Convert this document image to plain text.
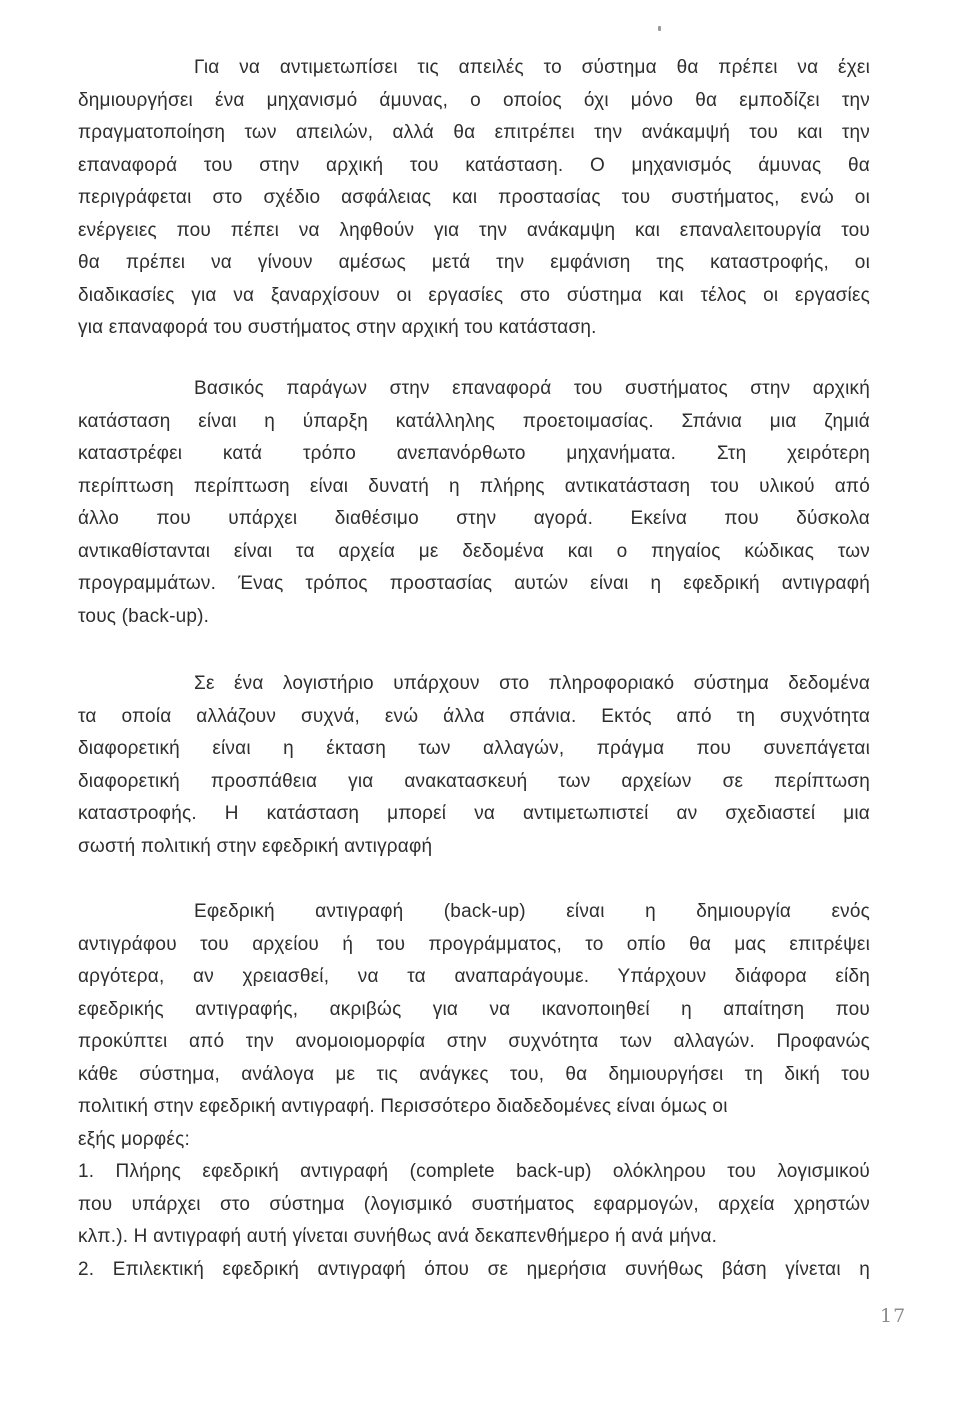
Για να αντιμετωπίσει τις απειλές το σύστημα θα πρέπει να έχει
δημιουργήσει ένα μηχανισμό άμυνας, ο οποίος όχι μόνο θα εμποδίζει την
πραγματοποίηση των απειλών, αλλά θα επιτρέπει την ανάκαμψή του και την
επαναφορά του στην αρχική του κατάσταση. Ο μηχανισμός άμυνας θα
περιγράφεται στο σχέδιο ασφάλειας και προστασίας του συστήματος, ενώ οι
ενέργειες που πέπει να ληφθούν για την ανάκαμψη και επαναλειτουργία του
θα πρέπει να γίνουν αμέσως μετά την εμφάνιση της καταστροφής, οι
διαδικασίες για να ξαναρχίσουν οι εργασίες στο σύστημα και τέλος οι εργασίες
για επαναφορά του συστήματος στην αρχική του κατάσταση.
Βασικός παράγων στην επαναφορά του συστήματος στην αρχική
κατάσταση είναι η ύπαρξη κατάλληλης προετοιμασίας. Σπάνια μια ζημιά
καταστρέφει κατά τρόπο ανεπανόρθωτο μηχανήματα. Στη χειρότερη
περίπτωση περίπτωση είναι δυνατή η πλήρης αντικατάσταση του υλικού από
άλλο που υπάρχει διαθέσιμο στην αγορά. Εκείνα που δύσκολα
αντικαθίστανται είναι τα αρχεία με δεδομένα και ο πηγαίος κώδικας των
προγραμμάτων. Ένας τρόπος προστασίας αυτών είναι η εφεδρική αντιγραφή
τους (back-up).
Σε ένα λογιστήριο υπάρχουν στο πληροφοριακό σύστημα δεδομένα
τα οποία αλλάζουν συχνά, ενώ άλλα σπάνια. Εκτός από τη συχνότητα
διαφορετική είναι η έκταση των αλλαγών, πράγμα που συνεπάγεται
διαφορετική προσπάθεια για ανακατασκευή των αρχείων σε περίπτωση
καταστροφής. Η κατάσταση μπορεί να αντιμετωπιστεί αν σχεδιαστεί μια
σωστή πολιτική στην εφεδρική αντιγραφή
Εφεδρική αντιγραφή (back-up) είναι η δημιουργία ενός
αντιγράφου του αρχείου ή του προγράμματος, το οπίο θα μας επιτρέψει
αργότερα, αν χρειασθεί, να τα αναπαράγουμε. Υπάρχουν διάφορα είδη
εφεδρικής αντιγραφής, ακριβώς για να ικανοποιηθεί η απαίτηση που
προκύπτει από την ανομοιομορφία στην συχνότητα των αλλαγών. Προφανώς
κάθε σύστημα, ανάλογα με τις ανάγκες του, θα δημιουργήσει τη δική του
πολιτική στην εφεδρική αντιγραφή. Περισσότερο διαδεδομένες είναι όμως οι
εξής μορφές:
1. Πλήρης εφεδρική αντιγραφή (complete back-up) ολόκληρου του λογισμικού
που υπάρχει στο σύστημα (λογισμικό συστήματος εφαρμογών, αρχεία χρηστών
κλπ.). Η αντιγραφή αυτή γίνεται συνήθως ανά δεκαπενθήμερο ή ανά μήνα.
2. Επιλεκτική εφεδρική αντιγραφή όπου σε ημερήσια συνήθως βάση γίνεται η
17
